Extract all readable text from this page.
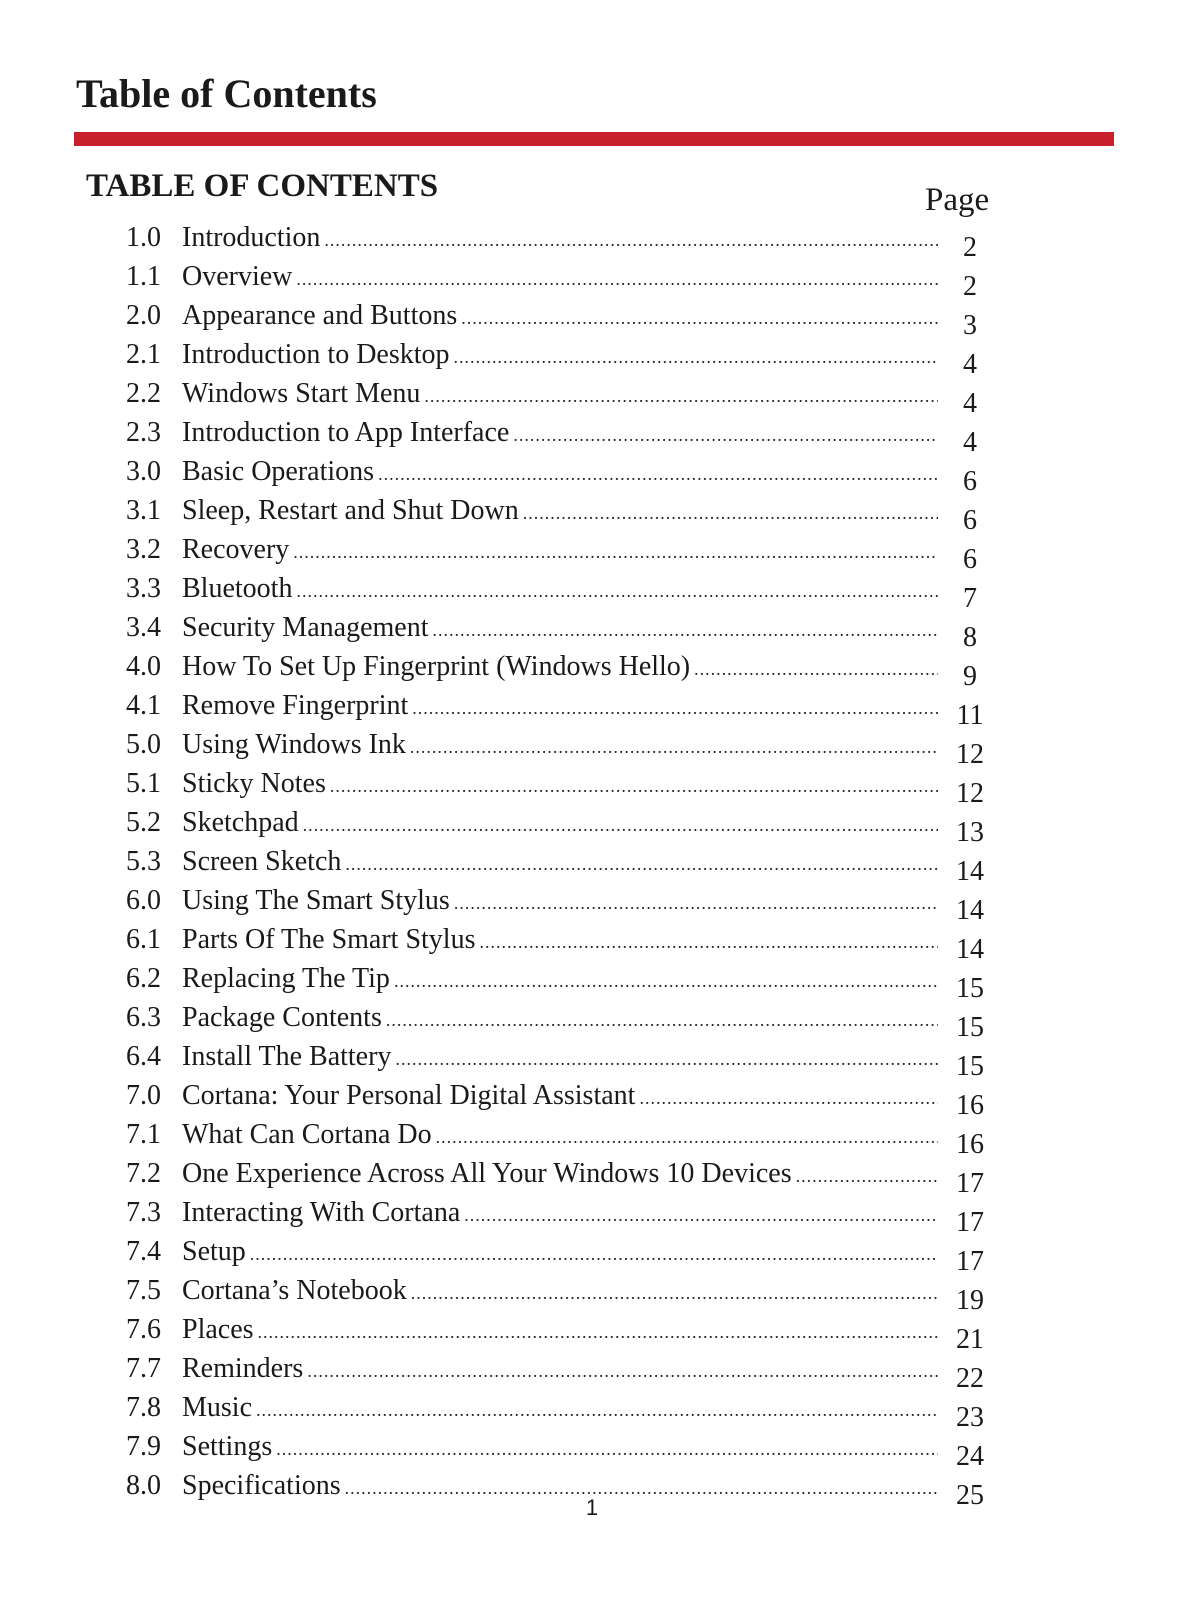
Table of Contents
TABLE OF CONTENTS	Page
1.0 Introduction .....	2
1.1 Overview .....	2
2.0 Appearance and Buttons .....	3
2.1 Introduction to Desktop .....	4
2.2 Windows Start Menu .....	4
2.3 Introduction to App Interface .....	4
3.0 Basic Operations .....	6
3.1 Sleep, Restart and Shut Down .....	6
3.2 Recovery .....	6
3.3 Bluetooth .....	7
3.4 Security Management .....	8
4.0 How To Set Up Fingerprint (Windows Hello) .....	9
4.1 Remove Fingerprint .....	11
5.0 Using Windows Ink .....	12
5.1 Sticky Notes .....	12
5.2 Sketchpad .....	13
5.3 Screen Sketch .....	14
6.0 Using The Smart Stylus .....	14
6.1 Parts Of The Smart Stylus .....	14
6.2 Replacing The Tip .....	15
6.3 Package Contents .....	15
6.4 Install The Battery .....	15
7.0 Cortana: Your Personal Digital Assistant .....	16
7.1 What Can Cortana Do .....	16
7.2 One Experience Across All Your Windows 10 Devices .....	17
7.3 Interacting With Cortana .....	17
7.4 Setup .....	17
7.5 Cortana’s Notebook .....	19
7.6 Places .....	21
7.7 Reminders .....	22
7.8 Music .....	23
7.9 Settings .....	24
8.0 Specifications .....	25
1
